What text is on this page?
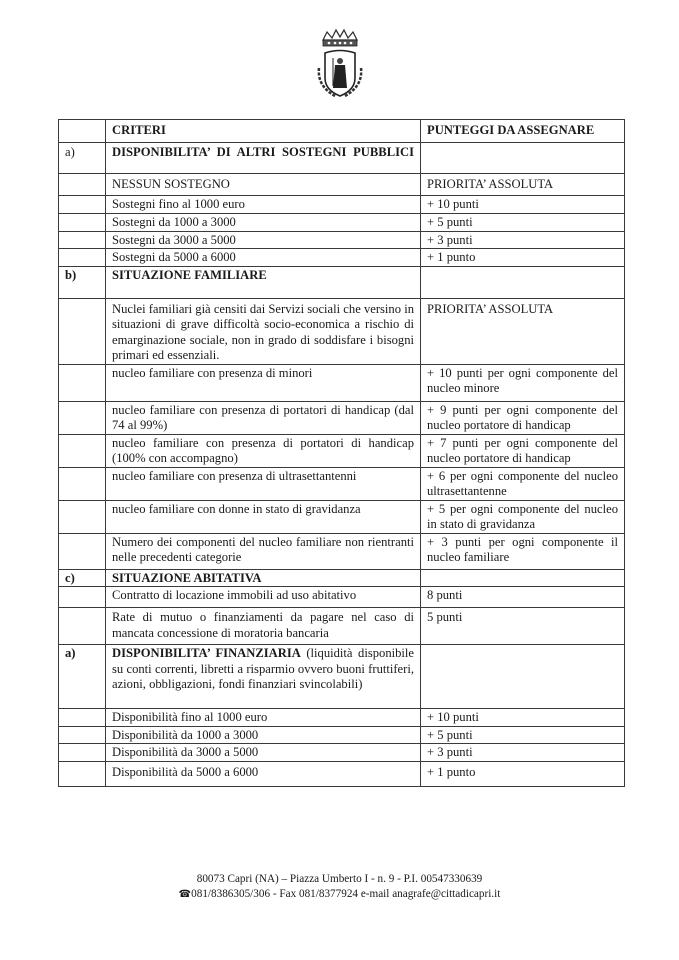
	CRITERI	PUNTEGGI DA ASSEGNARE
a)	DISPONIBILITA’ DI ALTRI SOSTEGNI PUBBLICI	
	NESSUN SOSTEGNO	PRIORITA’ ASSOLUTA
	Sostegni fino al 1000 euro	+ 10 punti
	Sostegni da 1000 a 3000	+ 5 punti
	Sostegni da 3000 a 5000	+ 3 punti
	Sostegni da 5000 a 6000	+ 1 punto
b)	SITUAZIONE FAMILIARE	
	Nuclei familiari già censiti dai Servizi sociali che versino in situazioni di grave difficoltà socio-economica a rischio di emarginazione sociale, non in grado di soddisfare i bisogni primari ed essenziali.	PRIORITA’ ASSOLUTA
	nucleo familiare con presenza di minori	+ 10 punti per ogni componente del nucleo minore
	nucleo familiare con presenza di portatori di handicap (dal 74 al 99%)	+ 9 punti per ogni componente del nucleo portatore di handicap
	nucleo familiare con presenza di portatori di handicap (100% con accompagno)	+ 7 punti per ogni componente del nucleo portatore di handicap
	nucleo familiare con presenza di ultrasettantenni	+ 6 per ogni componente del nucleo ultrasettantenne
	nucleo familiare con donne in stato di gravidanza	+ 5 per ogni componente del nucleo in stato di gravidanza
	Numero dei componenti del nucleo familiare non rientranti nelle precedenti categorie	+ 3 punti per ogni componente il nucleo familiare
c)	SITUAZIONE ABITATIVA	
	Contratto di locazione immobili ad uso abitativo	8 punti
	Rate di mutuo o finanziamenti da pagare nel caso di mancata concessione di moratoria bancaria	5 punti
a)	DISPONIBILITA’ FINANZIARIA (liquidità disponibile su conti correnti, libretti a risparmio ovvero buoni fruttiferi, azioni, obbligazioni, fondi finanziari svincolabili)	
	Disponibilità fino al 1000 euro	+ 10 punti
	Disponibilità da 1000 a 3000	+ 5 punti
	Disponibilità da 3000 a 5000	+ 3 punti
	Disponibilità da 5000 a 6000	+ 1 punto
80073 Capri (NA) – Piazza Umberto I - n. 9 - P.I. 00547330639
☎081/8386305/306 - Fax 081/8377924 e-mail anagrafe@cittadicapri.it
